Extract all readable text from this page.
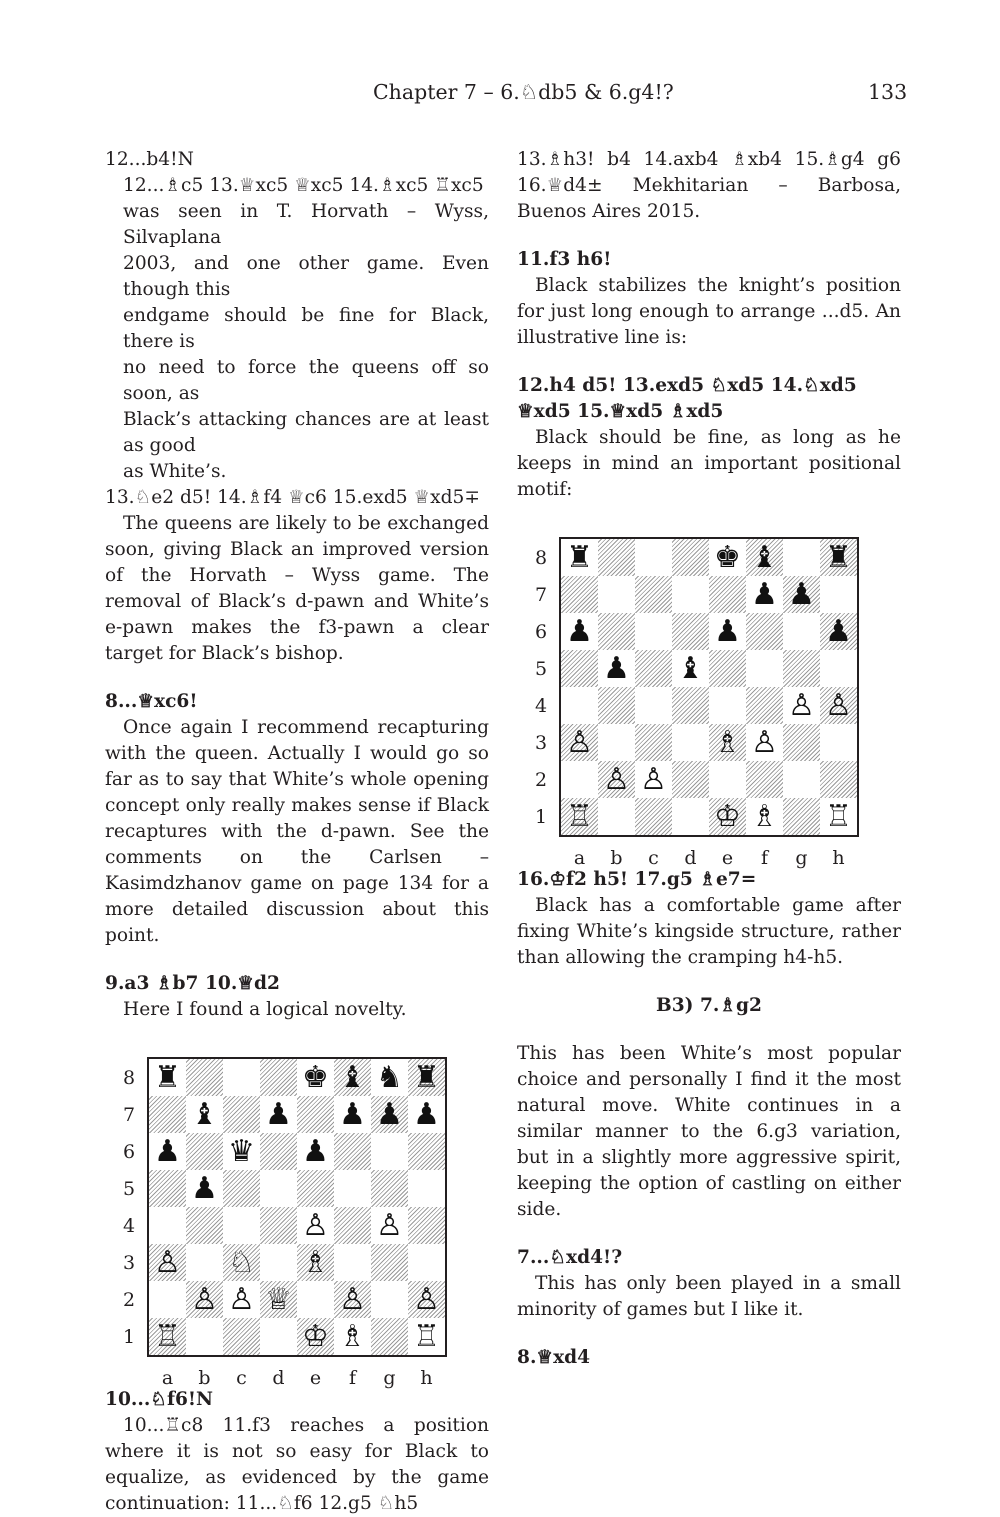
Chapter 7 – 6.♘db5 & 6.g4!?	133

12...b4!N

12...♗c5 13.♕xc5 ♕xc5 14.♗xc5 ♖xc5
was seen in T. Horvath – Wyss, Silvaplana
2003, and one other game. Even though this
endgame should be fine for Black, there is
no need to force the queens off so soon, as
Black’s attacking chances are at least as good
as White’s.

13.♘e2 d5! 14.♗f4 ♕c6 15.exd5 ♕xd5∓

The queens are likely to be exchanged soon, giving Black an improved version of the Horvath – Wyss game. The removal of Black’s d-pawn and White’s e-pawn makes the f3-pawn a clear target for Black’s bishop.

8...♕xc6!

Once again I recommend recapturing with the queen. Actually I would go so far as to say that White’s whole opening concept only really makes sense if Black recaptures with the d-pawn. See the comments on the Carlsen – Kasimdzhanov game on page 134 for a more detailed discussion about this point.

9.a3 ♗b7 10.♕d2

Here I found a logical novelty.

♜	♚ ♝ ♞ ♜
♝ ♟ ♟ ♟ ♟
♟ ♛ ♟
♟
♙ ♙
♙ ♘ ♗
♙ ♙ ♕ ♙ ♙
♖	♔ ♗ ♖
8
7
6
5
4
3
2
1
a	b	c	d	e	f	g	h

10...♘f6!N

10...♖c8 11.f3 reaches a position where it is not so easy for Black to equalize, as evidenced by the game continuation: 11...♘f6 12.g5 ♘h5

13.♗h3! b4 14.axb4 ♗xb4 15.♗g4 g6 16.♕d4± Mekhitarian – Barbosa, Buenos Aires 2015.

11.f3 h6!

Black stabilizes the knight’s position for just long enough to arrange ...d5. An illustrative line is:

12.h4 d5! 13.exd5 ♘xd5 14.♘xd5 ♕xd5 15.♕xd5 ♗xd5

Black should be fine, as long as he keeps in mind an important positional motif:

♜	♚ ♝ ♜
♟ ♟
♟	♟	♟
♟ ♝
♙ ♙
♙	♗ ♙
♙ ♙
♖	♔ ♗ ♖
8
7
6
5
4
3
2
1
a	b	c	d	e	f	g	h

16.♔f2 h5! 17.g5 ♗e7=

Black has a comfortable game after fixing White’s kingside structure, rather than allowing the cramping h4-h5.

B3) 7.♗g2

This has been White’s most popular choice and personally I find it the most natural move. White continues in a similar manner to the 6.g3 variation, but in a slightly more aggressive spirit, keeping the option of castling on either side.

7...♘xd4!?

This has only been played in a small minority of games but I like it.

8.♕xd4
